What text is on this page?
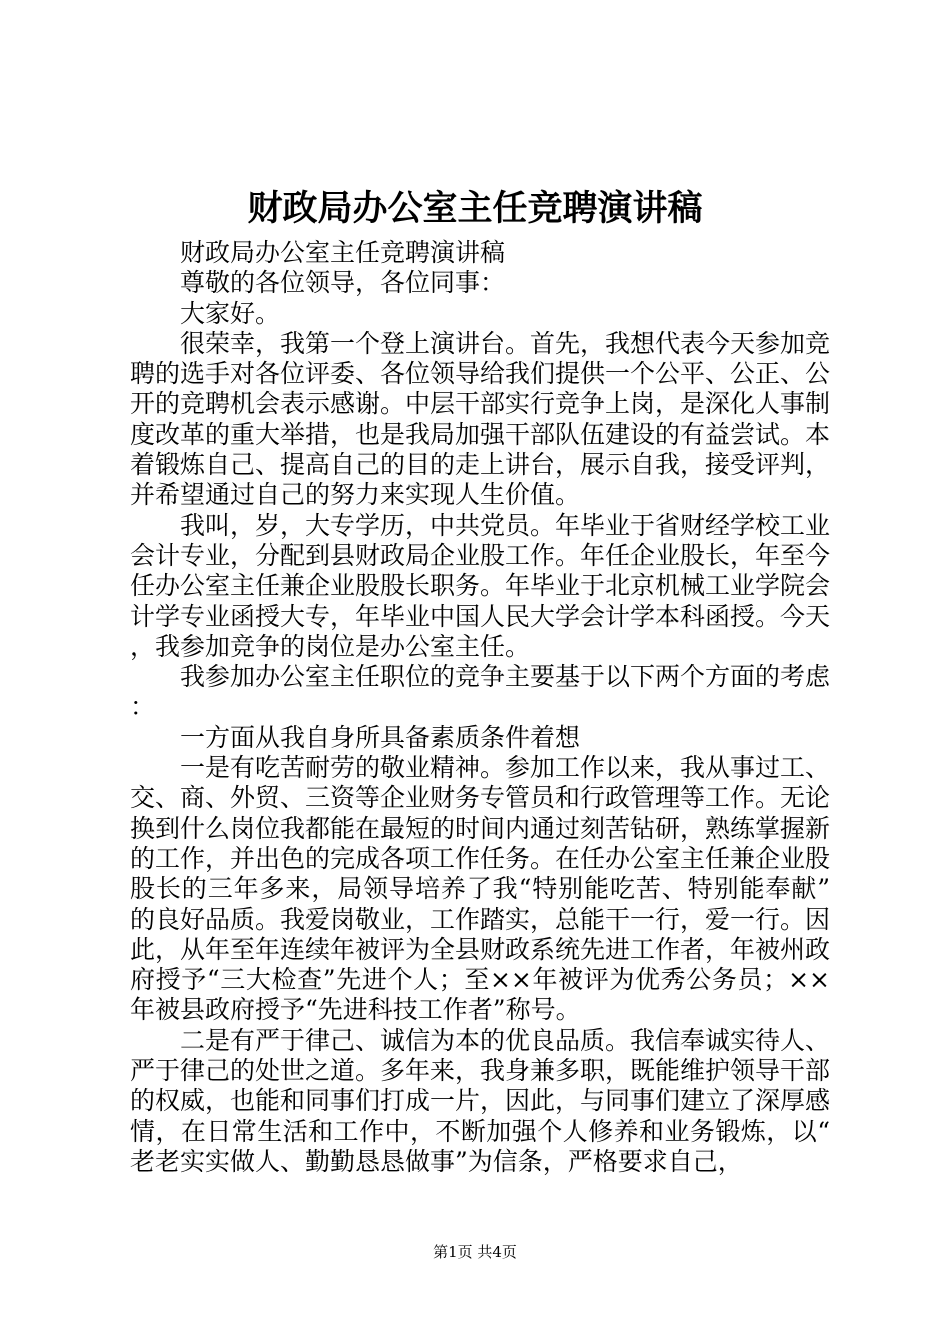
财政局办公室主任竞聘演讲稿

财政局办公室主任竞聘演讲稿

尊敬的各位领导，各位同事：

大家好。

很荣幸，我第一个登上演讲台。首先，我想代表今天参加竞聘的选手对各位评委、各位领导给我们提供一个公平、公正、公开的竞聘机会表示感谢。中层干部实行竞争上岗，是深化人事制度改革的重大举措，也是我局加强干部队伍建设的有益尝试。本着锻炼自己、提高自己的目的走上讲台，展示自我，接受评判，并希望通过自己的努力来实现人生价值。

我叫，岁，大专学历，中共党员。年毕业于省财经学校工业会计专业，分配到县财政局企业股工作。年任企业股长，年至今任办公室主任兼企业股股长职务。年毕业于北京机械工业学院会计学专业函授大专，年毕业中国人民大学会计学本科函授。今天，我参加竞争的岗位是办公室主任。

我参加办公室主任职位的竞争主要基于以下两个方面的考虑：

一方面从我自身所具备素质条件着想

一是有吃苦耐劳的敬业精神。参加工作以来，我从事过工、交、商、外贸、三资等企业财务专管员和行政管理等工作。无论换到什么岗位我都能在最短的时间内通过刻苦钻研，熟练掌握新的工作，并出色的完成各项工作任务。在任办公室主任兼企业股股长的三年多来，局领导培养了我“特别能吃苦、特别能奉献”的良好品质。我爱岗敬业，工作踏实，总能干一行，爱一行。因此，从年至年连续年被评为全县财政系统先进工作者，年被州政府授予“三大检查”先进个人；至××年被评为优秀公务员；××年被县政府授予“先进科技工作者”称号。

二是有严于律己、诚信为本的优良品质。我信奉诚实待人、严于律己的处世之道。多年来，我身兼多职，既能维护领导干部的权威，也能和同事们打成一片，因此，与同事们建立了深厚感情，在日常生活和工作中，不断加强个人修养和业务锻炼，以“老老实实做人、勤勤恳恳做事”为信条，严格要求自己，

第1页 共4页
